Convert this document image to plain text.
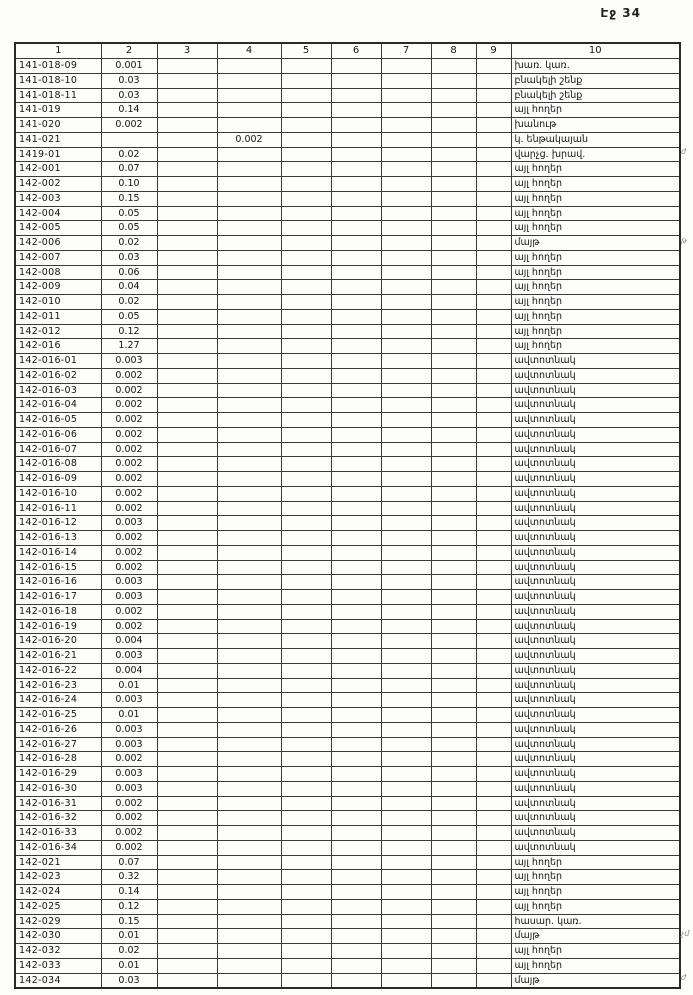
Էջ 34
1	2	3	4	5	6	7	8	9	10
141-018-09	0.001								խառ. կառ.
141-018-10	0.03								բնակելի շենք
141-018-11	0.03								բնակելի շենք
141-019	0.14								այլ հողեր
141-020	0.002								խանութ
141-021			0.002						կ. ենթակայան
1419-01	0.02								վարչց. խրավ.
142-001	0.07								այլ հողեր
142-002	0.10								այլ հողեր
142-003	0.15								այլ հողեր
142-004	0.05								այլ հողեր
142-005	0.05								այլ հողեր
142-006	0.02								մայթ
142-007	0.03								այլ հողեր
142-008	0.06								այլ հողեր
142-009	0.04								այլ հողեր
142-010	0.02								այլ հողեր
142-011	0.05								այլ հողեր
142-012	0.12								այլ հողեր
142-016	1.27								այլ հողեր
142-016-01	0.003								ավտոտնակ
142-016-02	0.002								ավտոտնակ
142-016-03	0.002								ավտոտնակ
142-016-04	0.002								ավտոտնակ
142-016-05	0.002								ավտոտնակ
142-016-06	0.002								ավտոտնակ
142-016-07	0.002								ավտոտնակ
142-016-08	0.002								ավտոտնակ
142-016-09	0.002								ավտոտնակ
142-016-10	0.002								ավտոտնակ
142-016-11	0.002								ավտոտնակ
142-016-12	0.003								ավտոտնակ
142-016-13	0.002								ավտոտնակ
142-016-14	0.002								ավտոտնակ
142-016-15	0.002								ավտոտնակ
142-016-16	0.003								ավտոտնակ
142-016-17	0.003								ավտոտնակ
142-016-18	0.002								ավտոտնակ
142-016-19	0.002								ավտոտնակ
142-016-20	0.004								ավտոտնակ
142-016-21	0.003								ավտոտնակ
142-016-22	0.004								ավտոտնակ
142-016-23	0.01								ավտոտնակ
142-016-24	0.003								ավտոտնակ
142-016-25	0.01								ավտոտնակ
142-016-26	0.003								ավտոտնակ
142-016-27	0.003								ավտոտնակ
142-016-28	0.002								ավտոտնակ
142-016-29	0.003								ավտոտնակ
142-016-30	0.003								ավտոտնակ
142-016-31	0.002								ավտոտնակ
142-016-32	0.002								ավտոտնակ
142-016-33	0.002								ավտոտնակ
142-016-34	0.002								ավտոտնակ
142-021	0.07								այլ հողեր
142-023	0.32								այլ հողեր
142-024	0.14								այլ հողեր
142-025	0.12								այլ հողեր
142-029	0.15								հասար. կառ.
142-030	0.01								մայթ
142-032	0.02								այլ հողեր
142-033	0.01								այլ հողեր
142-034	0.03								մայթ
ժ
թ
չմ
ժ
